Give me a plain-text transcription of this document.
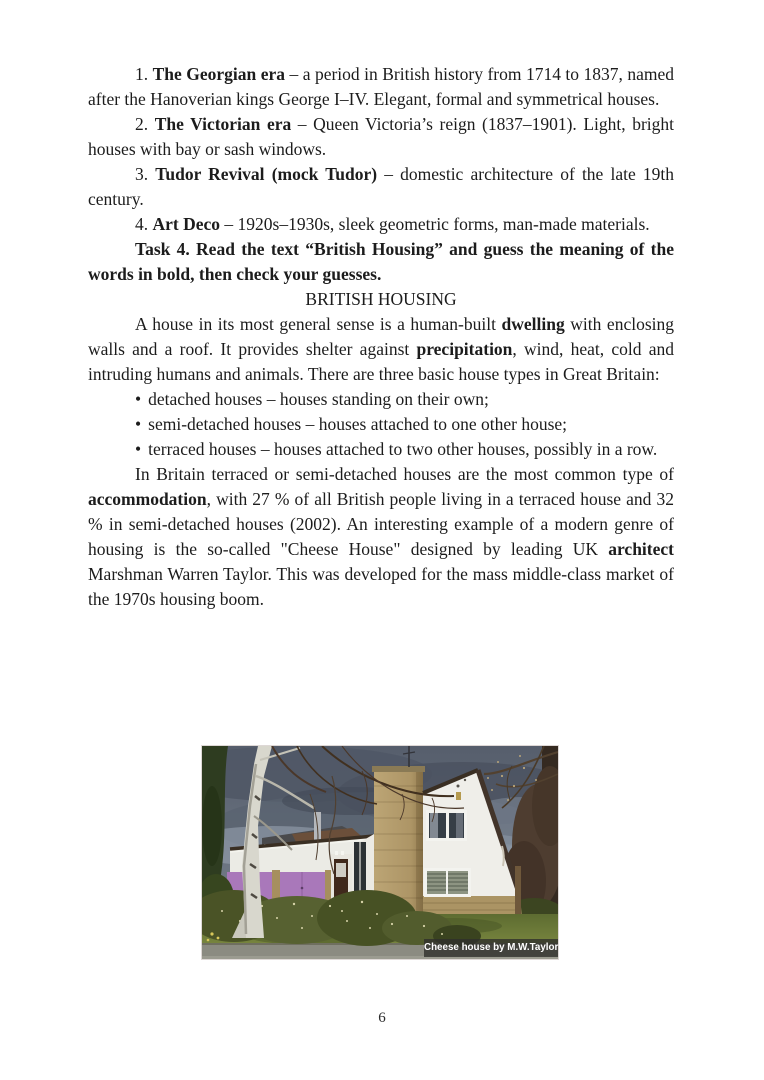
1. The Georgian era – a period in British history from 1714 to 1837, named after the Hanoverian kings George I–IV. Elegant, formal and symmetrical houses.

2. The Victorian era – Queen Victoria’s reign (1837–1901). Light, bright houses with bay or sash windows.

3. Tudor Revival (mock Tudor) – domestic architecture of the late 19th century.

4. Art Deco – 1920s–1930s, sleek geometric forms, man-made materials.

Task 4. Read the text “British Housing” and guess the meaning of the words in bold, then check your guesses.

BRITISH HOUSING

A house in its most general sense is a human-built dwelling with enclosing walls and a roof. It provides shelter against precipitation, wind, heat, cold and intruding humans and animals. There are three basic house types in Great Britain:

• detached houses – houses standing on their own;

• semi-detached houses – houses attached to one other house;

• terraced houses – houses attached to two other houses, possibly in a row.

In Britain terraced or semi-detached houses are the most common type of accommodation, with 27 % of all British people living in a terraced house and 32 % in semi-detached houses (2002). An interesting example of a modern genre of housing is the so-called "Cheese House" designed by leading UK architect Marshman Warren Taylor. This was developed for the mass middle-class market of the 1970s housing boom.

Cheese house by M.W.Taylor
6
